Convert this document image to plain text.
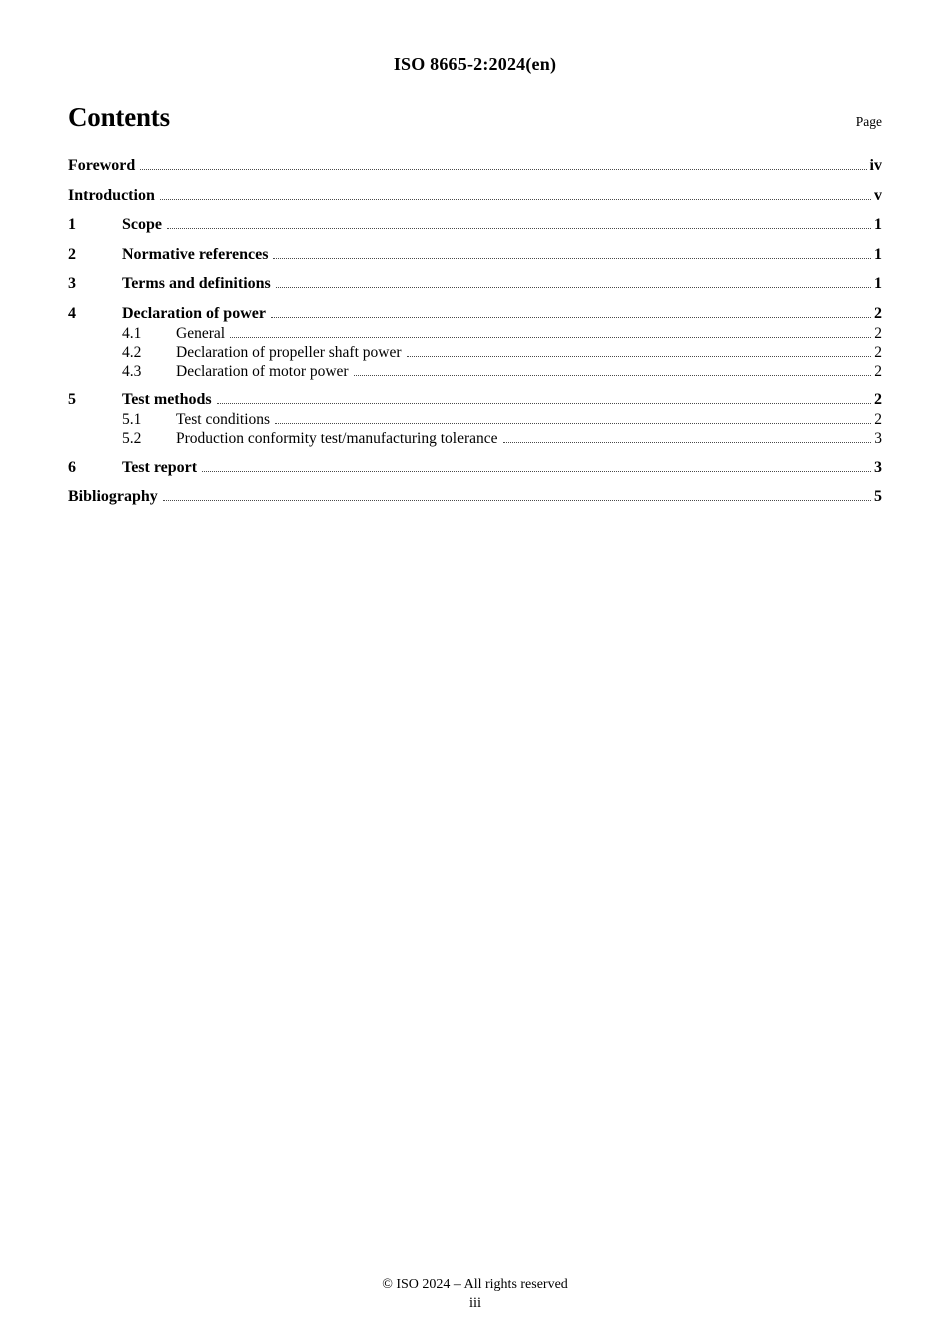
ISO 8665-2:2024(en)
Contents	Page
Foreword	iv
Introduction	v
1	Scope	1
2	Normative references	1
3	Terms and definitions	1
4	Declaration of power	2
4.1	General	2
4.2	Declaration of propeller shaft power	2
4.3	Declaration of motor power	2
5	Test methods	2
5.1	Test conditions	2
5.2	Production conformity test/manufacturing tolerance	3
6	Test report	3
Bibliography	5
© ISO 2024 – All rights reserved
iii
